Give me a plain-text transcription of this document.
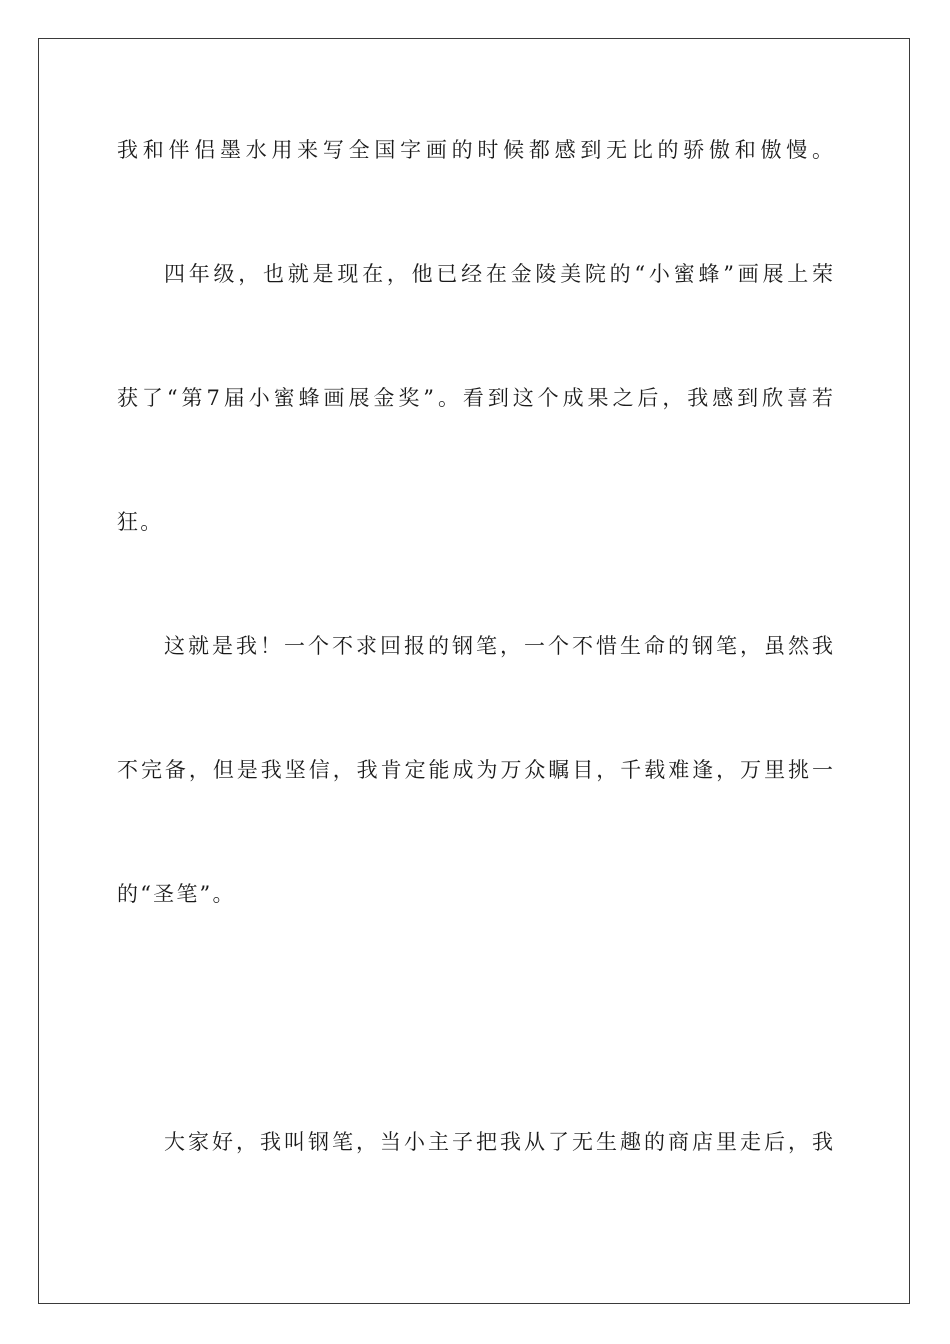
我和伴侣墨水用来写全国字画的时候都感到无比的骄傲和傲慢。
四年级，也就是现在，他已经在金陵美院的“小蜜蜂”画展上荣
获了“第7届小蜜蜂画展金奖”。看到这个成果之后，我感到欣喜若
狂。
这就是我！一个不求回报的钢笔，一个不惜生命的钢笔，虽然我
不完备，但是我坚信，我肯定能成为万众瞩目，千载难逢，万里挑一
的“圣笔”。
大家好，我叫钢笔，当小主子把我从了无生趣的商店里走后，我
